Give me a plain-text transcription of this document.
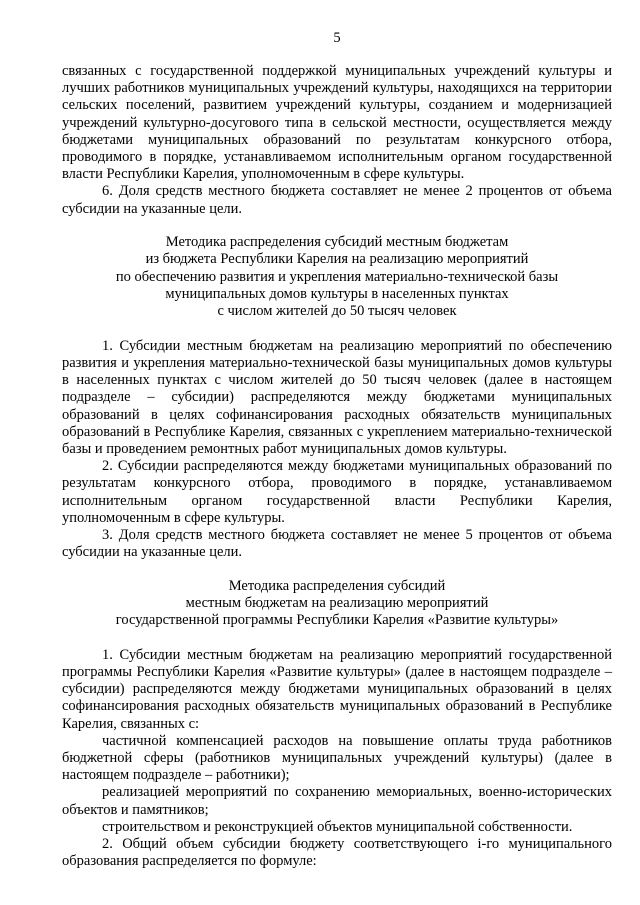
5

связанных с государственной поддержкой муниципальных учреждений культуры и лучших работников муниципальных учреждений культуры, находящихся на территории сельских поселений, развитием учреждений культуры, созданием и модернизацией учреждений культурно-досугового типа в сельской местности, осуществляется между бюджетами муниципальных образований по результатам конкурсного отбора, проводимого в порядке, устанавливаемом исполнительным органом государственной власти Республики Карелия, уполномоченным в сфере культуры.

6. Доля средств местного бюджета составляет не менее 2 процентов от объема субсидии на указанные цели.

Методика распределения субсидий местным бюджетам

из бюджета Республики Карелия на реализацию мероприятий

по обеспечению развития и укрепления материально-технической базы

муниципальных домов культуры в населенных пунктах

с числом жителей до 50 тысяч человек

1. Субсидии местным бюджетам на реализацию мероприятий по обеспечению развития и укрепления материально-технической базы муниципальных домов культуры в населенных пунктах с числом жителей до 50 тысяч человек (далее в настоящем подразделе – субсидии) распределяются между бюджетами муниципальных образований в целях софинансирования расходных обязательств муниципальных образований в Республике Карелия, связанных с укреплением материально-технической базы и проведением ремонтных работ муниципальных домов культуры.

2. Субсидии распределяются между бюджетами муниципальных образований по результатам конкурсного отбора, проводимого в порядке, устанавливаемом исполнительным органом государственной власти Республики Карелия, уполномоченным в сфере культуры.

3. Доля средств местного бюджета составляет не менее 5 процентов от объема субсидии на указанные цели.

Методика распределения субсидий

местным бюджетам на реализацию мероприятий

государственной программы Республики Карелия «Развитие культуры»

1. Субсидии местным бюджетам на реализацию мероприятий государственной программы Республики Карелия «Развитие культуры» (далее в настоящем подразделе – субсидии) распределяются между бюджетами муниципальных образований в целях софинансирования расходных обязательств муниципальных образований в Республике Карелия, связанных с:

частичной компенсацией расходов на повышение оплаты труда работников бюджетной сферы (работников муниципальных учреждений культуры) (далее в настоящем подразделе – работники);

реализацией мероприятий по сохранению мемориальных, военно-исторических объектов и памятников;

строительством и реконструкцией объектов муниципальной собственности.

2. Общий объем субсидии бюджету соответствующего i-го муниципального образования распределяется по формуле:
